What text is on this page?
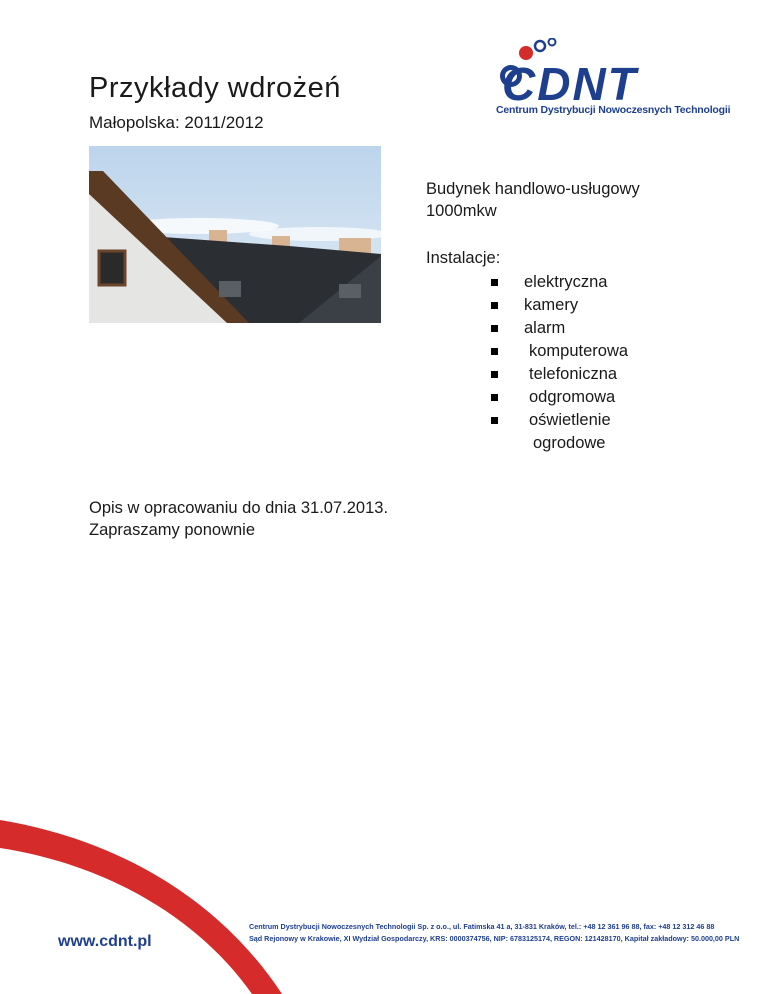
Przykłady wdrożeń
Małopolska: 2011/2012
CDNT
Centrum Dystrybucji Nowoczesnych Technologii

Budynek handlowo-usługowy

1000mkw

Instalacje:
elektryczna
kamery
alarm
komputerowa
telefoniczna
odgromowa
oświetlenie
ogrodowe

Opis w opracowaniu do dnia 31.07.2013.

Zapraszamy ponownie

www.cdnt.pl
Centrum Dystrybucji Nowoczesnych Technologii Sp. z o.o., ul. Fatimska 41 a, 31-831 Kraków, tel.: +48 12 361 96 88, fax: +48 12 312 46 88
Sąd Rejonowy w Krakowie, XI Wydział Gospodarczy, KRS: 0000374756, NIP: 6783125174, REGON: 121428170, Kapitał zakładowy: 50.000,00 PLN
